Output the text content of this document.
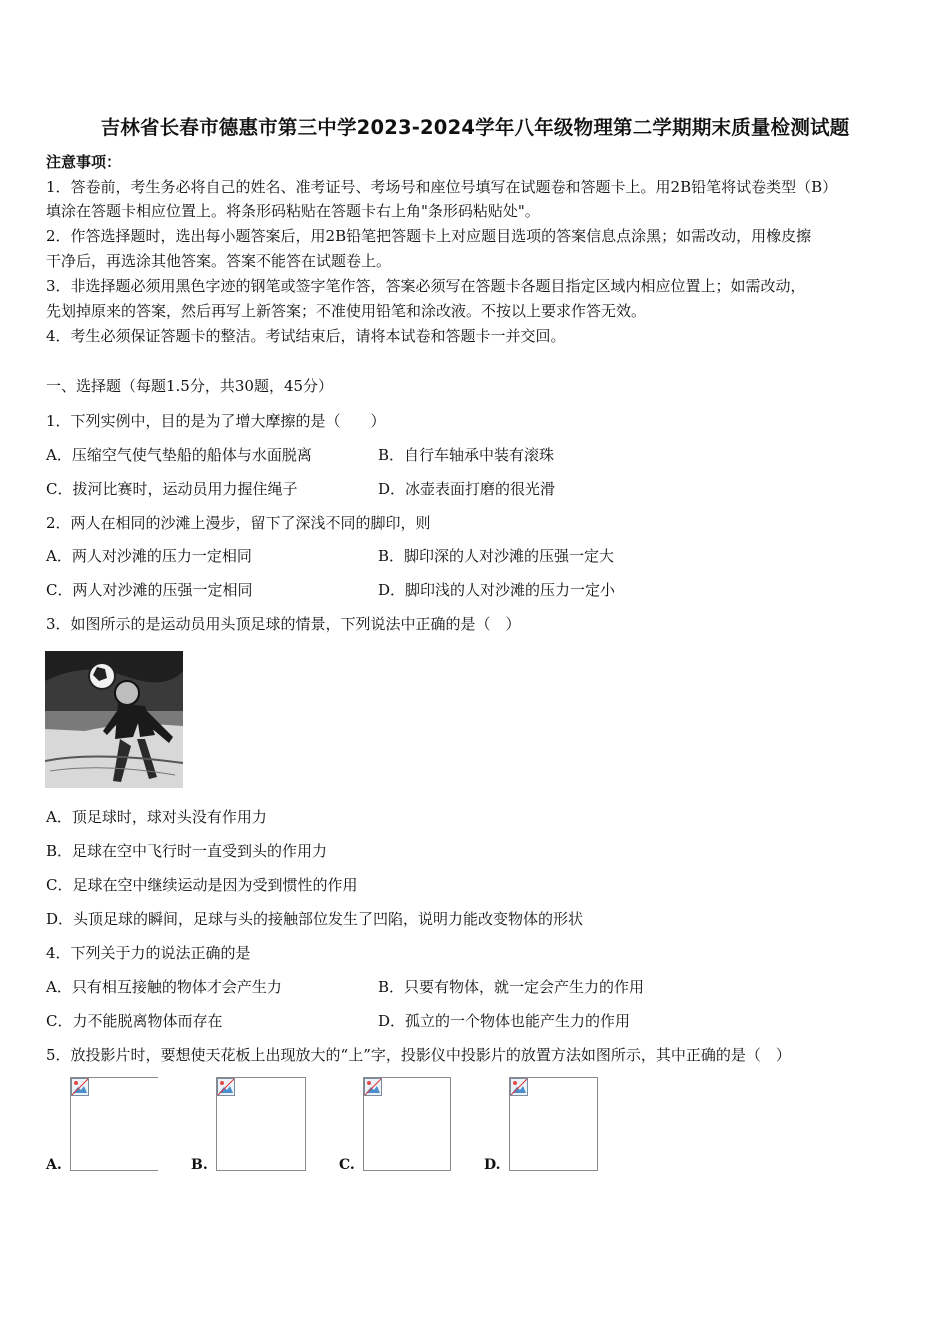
吉林省长春市德惠市第三中学2023-2024学年八年级物理第二学期期末质量检测试题
注意事项：
1．答卷前，考生务必将自己的姓名、准考证号、考场号和座位号填写在试题卷和答题卡上。用2B铅笔将试卷类型（B）
填涂在答题卡相应位置上。将条形码粘贴在答题卡右上角"条形码粘贴处"。
2．作答选择题时，选出每小题答案后，用2B铅笔把答题卡上对应题目选项的答案信息点涂黑；如需改动，用橡皮擦
干净后，再选涂其他答案。答案不能答在试题卷上。
3．非选择题必须用黑色字迹的钢笔或签字笔作答，答案必须写在答题卡各题目指定区域内相应位置上；如需改动，
先划掉原来的答案，然后再写上新答案；不准使用铅笔和涂改液。不按以上要求作答无效。
4．考生必须保证答题卡的整洁。考试结束后，请将本试卷和答题卡一并交回。
一、选择题（每题1.5分，共30题，45分）
1．下列实例中，目的是为了增大摩擦的是（　　）
A．压缩空气使气垫船的船体与水面脱离	B．自行车轴承中装有滚珠
C．拔河比赛时，运动员用力握住绳子	D．冰壶表面打磨的很光滑
2．两人在相同的沙滩上漫步，留下了深浅不同的脚印，则
A．两人对沙滩的压力一定相同	B．脚印深的人对沙滩的压强一定大
C．两人对沙滩的压强一定相同	D．脚印浅的人对沙滩的压力一定小
3．如图所示的是运动员用头顶足球的情景，下列说法中正确的是（　）
A．顶足球时，球对头没有作用力
B．足球在空中飞行时一直受到头的作用力
C．足球在空中继续运动是因为受到惯性的作用
D．头顶足球的瞬间，足球与头的接触部位发生了凹陷，说明力能改变物体的形状
4．下列关于力的说法正确的是
A．只有相互接触的物体才会产生力	B．只要有物体，就一定会产生力的作用
C．力不能脱离物体而存在	D．孤立的一个物体也能产生力的作用
5．放投影片时，要想使天花板上出现放大的“上”字，投影仪中投影片的放置方法如图所示，其中正确的是（　）
A.	B.	C.	D.
